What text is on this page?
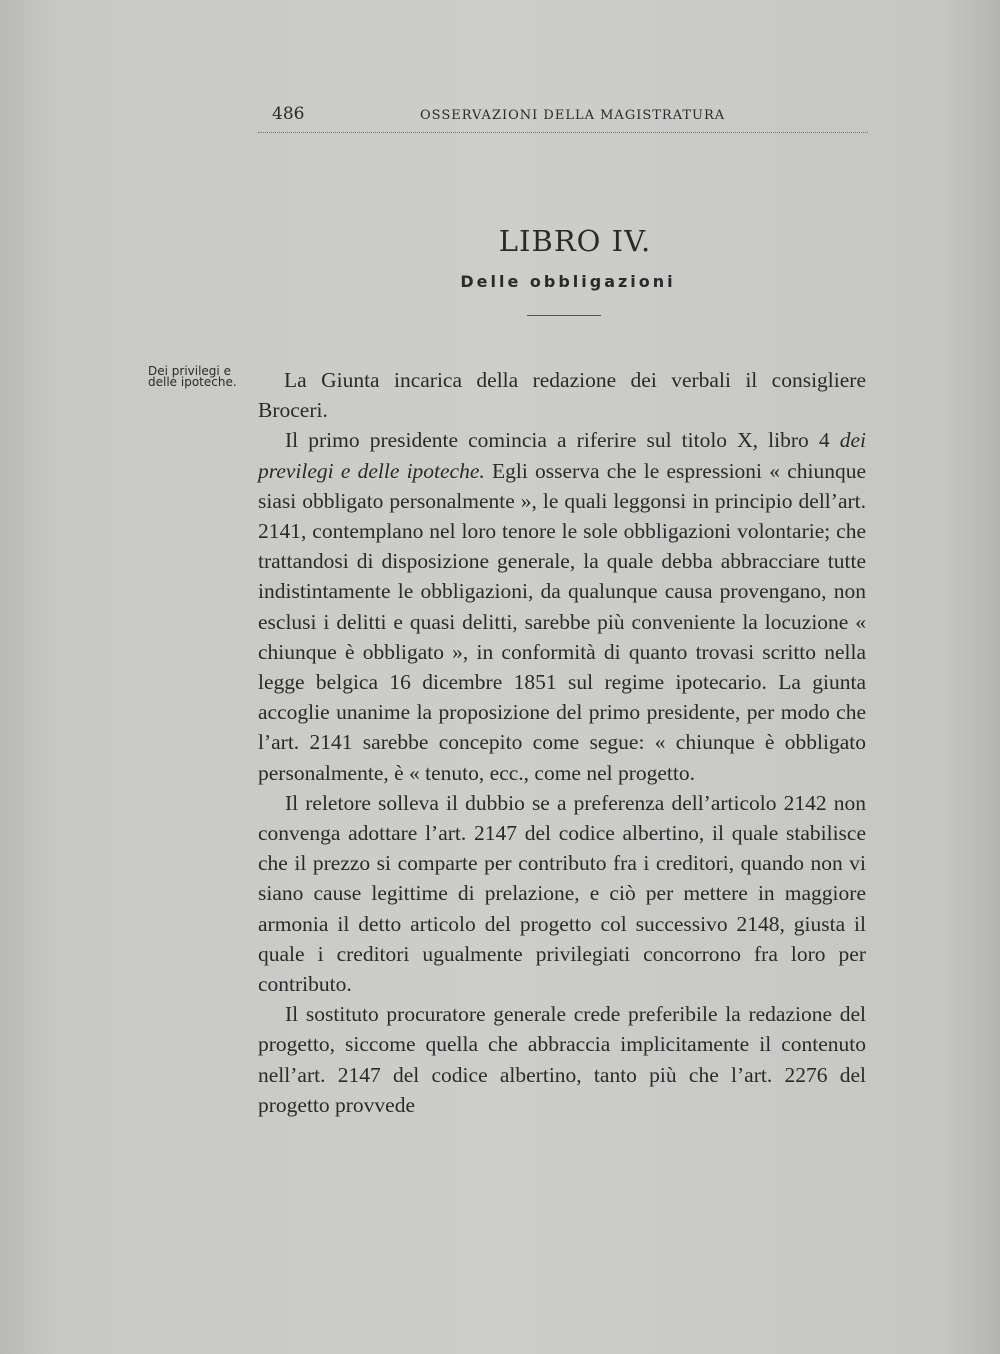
486	OSSERVAZIONI DELLA MAGISTRATURA
LIBRO IV.
Delle obbligazioni
Dei privilegi e delle ipoteche.	La Giunta incarica della redazione dei verbali il consigliere Broceri.

Il primo presidente comincia a riferire sul titolo X, libro 4 dei previlegi e delle ipoteche. Egli osserva che le espressioni « chiunque siasi obbligato personalmente », le quali leggonsi in principio dell’art. 2141, contemplano nel loro tenore le sole obbligazioni volontarie; che trattandosi di disposizione generale, la quale debba abbracciare tutte indistintamente le obbligazioni, da qualunque causa provengano, non esclusi i delitti e quasi delitti, sarebbe più conveniente la locuzione « chiunque è obbligato », in conformità di quanto trovasi scritto nella legge belgica 16 dicembre 1851 sul regime ipotecario. La giunta accoglie unanime la proposizione del primo presidente, per modo che l’art. 2141 sarebbe concepito come segue: « chiunque è obbligato personalmente, è « tenuto, ecc., come nel progetto.

Il reletore solleva il dubbio se a preferenza dell’articolo 2142 non convenga adottare l’art. 2147 del codice albertino, il quale stabilisce che il prezzo si comparte per contributo fra i creditori, quando non vi siano cause legittime di prelazione, e ciò per mettere in maggiore armonia il detto articolo del progetto col successivo 2148, giusta il quale i creditori ugualmente privilegiati concorrono fra loro per contributo.

Il sostituto procuratore generale crede preferibile la redazione del progetto, siccome quella che abbraccia implicitamente il contenuto nell’art. 2147 del codice albertino, tanto più che l’art. 2276 del progetto provvede
